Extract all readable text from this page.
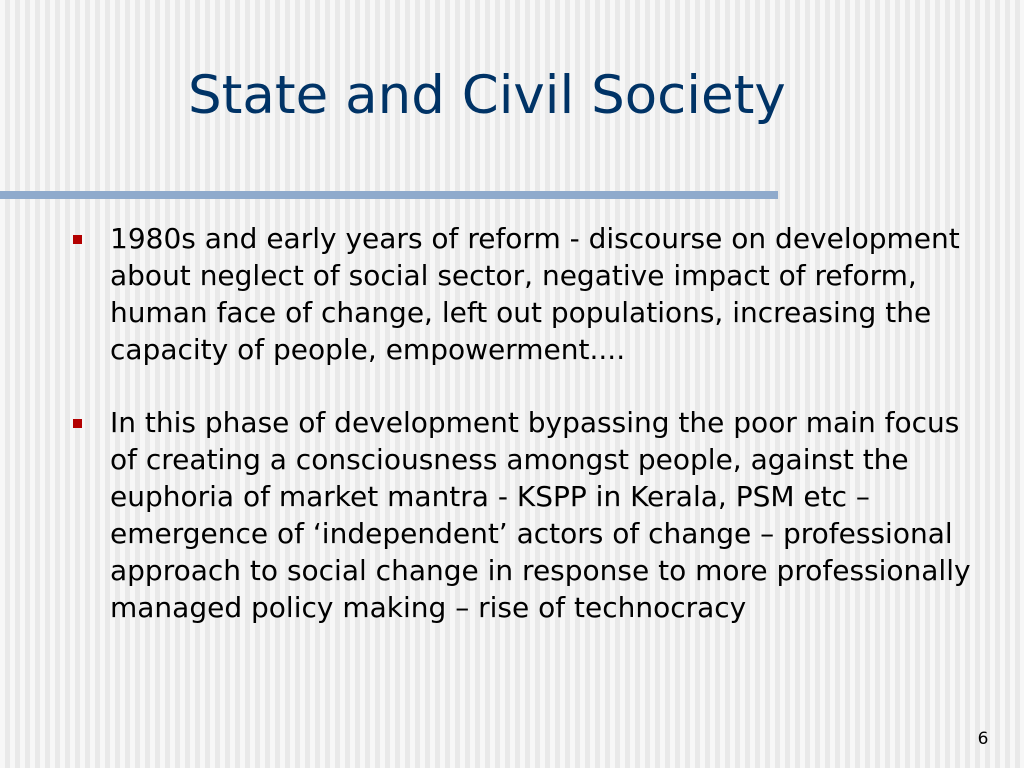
State and Civil Society
1980s and early years of reform - discourse on development about neglect of social sector, negative impact of reform, human face of change, left out populations, increasing the capacity of people, empowerment....
In this phase of development bypassing the poor main focus of creating a consciousness amongst people, against the euphoria of market mantra - KSPP in Kerala, PSM etc – emergence of ‘independent’ actors of change – professional approach to social change in response to more professionally managed policy making – rise of technocracy
6
